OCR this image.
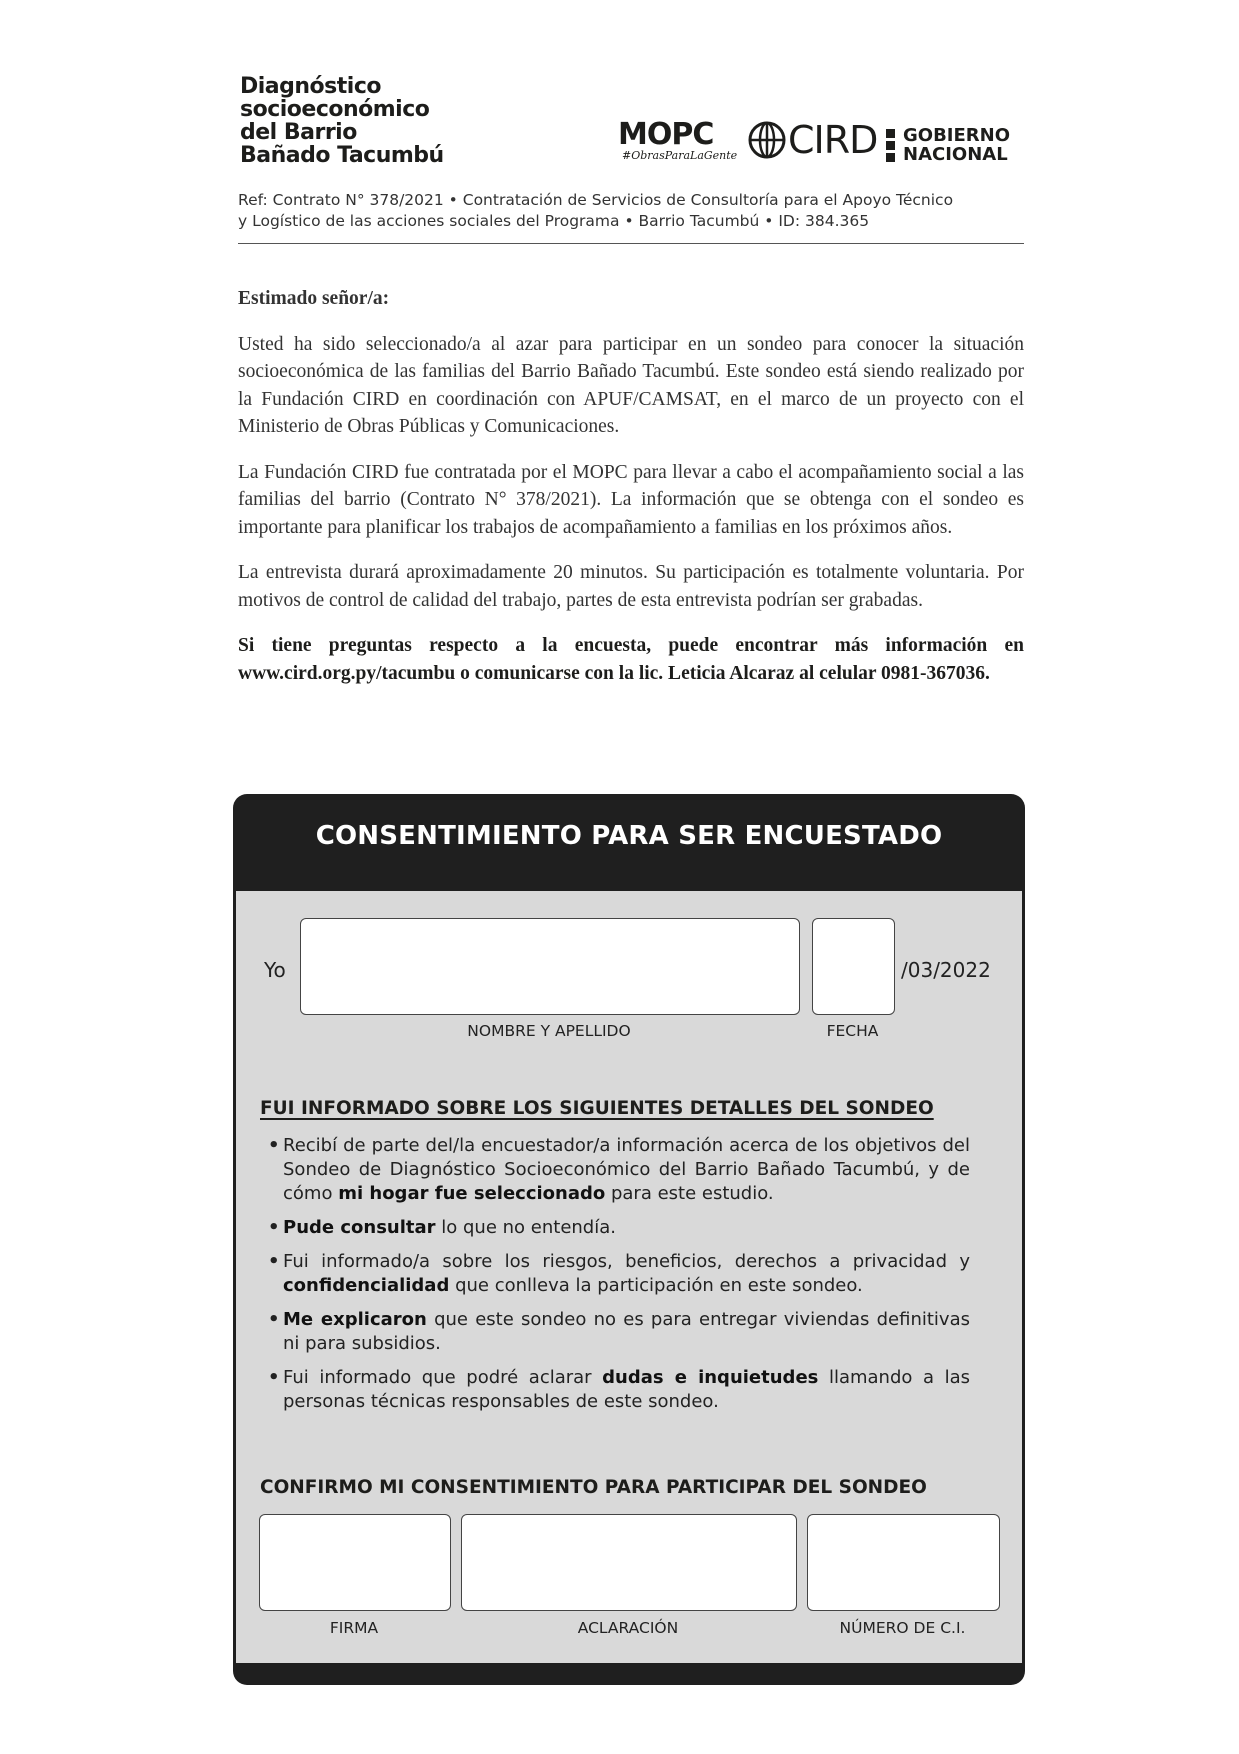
Diagnóstico
socioeconómico
del Barrio
Bañado Tacumbú
MOPC
#ObrasParaLaGente CIRD GOBIERNO
NACIONAL
Ref: Contrato N° 378/2021 • Contratación de Servicios de Consultoría para el Apoyo Técnico
y Logístico de las acciones sociales del Programa • Barrio Tacumbú • ID: 384.365

Estimado señor/a:

Usted ha sido seleccionado/a al azar para participar en un sondeo para conocer la situación socioeconómica de las familias del Barrio Bañado Tacumbú. Este sondeo está siendo realizado por la Fundación CIRD en coordinación con APUF/CAMSAT, en el marco de un proyecto con el Ministerio de Obras Públicas y Comunicaciones.

La Fundación CIRD fue contratada por el MOPC para llevar a cabo el acompañamiento social a las familias del barrio (Contrato N° 378/2021). La información que se obtenga con el sondeo es importante para planificar los trabajos de acompañamiento a familias en los próximos años.

La entrevista durará aproximadamente 20 minutos. Su participación es totalmente voluntaria. Por motivos de control de calidad del trabajo, partes de esta entrevista podrían ser grabadas.

Si tiene preguntas respecto a la encuesta, puede encontrar más información en www.cird.org.py/tacumbu o comunicarse con la lic. Leticia Alcaraz al celular 0981-367036.

CONSENTIMIENTO PARA SER ENCUESTADO
Yo	/03/2022
NOMBRE Y APELLIDO	FECHA
FUI INFORMADO SOBRE LOS SIGUIENTES DETALLES DEL SONDEO
• Recibí de parte del/la encuestador/a información acerca de los objetivos del Sondeo de Diagnóstico Socioeconómico del Barrio Bañado Tacumbú, y de cómo mi hogar fue seleccionado para este estudio.
• Pude consultar lo que no entendía.
• Fui informado/a sobre los riesgos, beneficios, derechos a privacidad y confidencialidad que conlleva la participación en este sondeo.
• Me explicaron que este sondeo no es para entregar viviendas definitivas ni para subsidios.
• Fui informado que podré aclarar dudas e inquietudes llamando a las personas técnicas responsables de este sondeo.
CONFIRMO MI CONSENTIMIENTO PARA PARTICIPAR DEL SONDEO
FIRMA	ACLARACIÓN	NÚMERO DE C.I.
